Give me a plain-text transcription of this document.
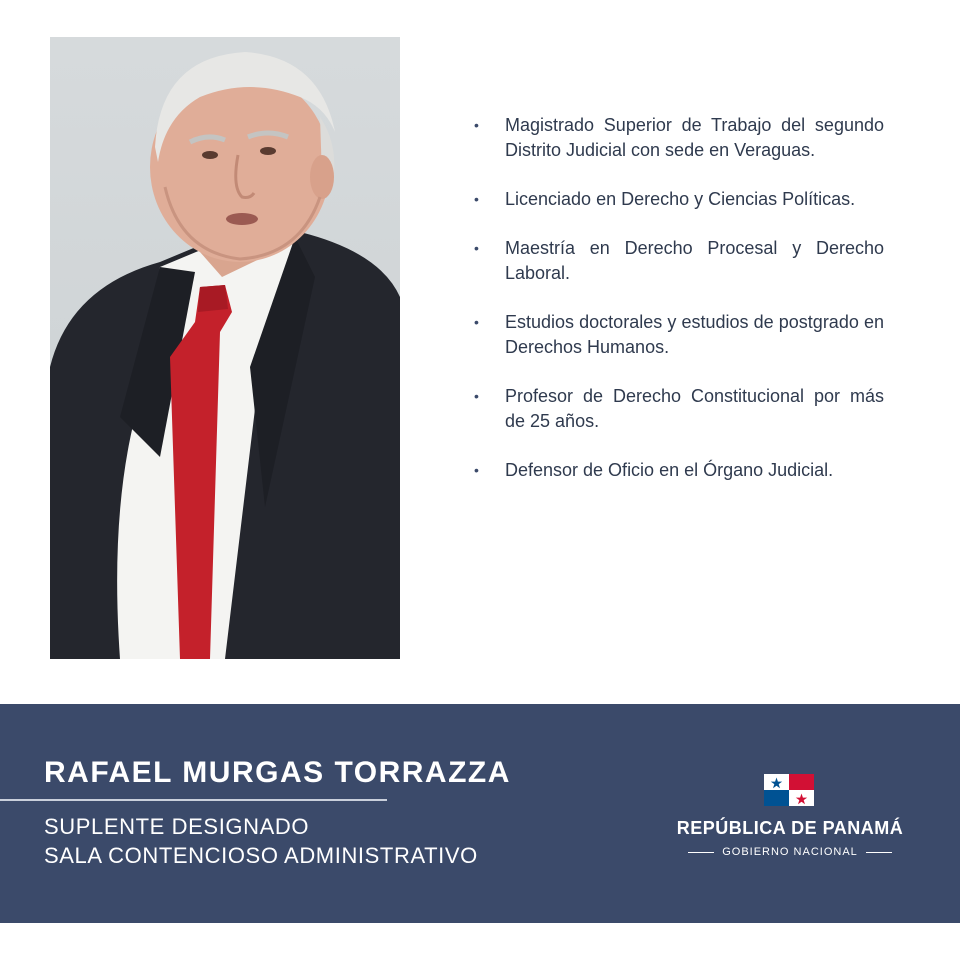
• Magistrado Superior de Trabajo del segundo Distrito Judicial con sede en Veraguas.
• Licenciado en Derecho y Ciencias Políticas.
• Maestría en Derecho Procesal y Derecho Laboral.
• Estudios doctorales y estudios de postgrado en Derechos Humanos.
• Profesor de Derecho Constitucional por más de 25 años.
• Defensor de Oficio en el Órgano Judicial.
RAFAEL MURGAS TORRAZZA
SUPLENTE DESIGNADO
SALA CONTENCIOSO ADMINISTRATIVO
REPÚBLICA DE PANAMÁ
GOBIERNO NACIONAL
